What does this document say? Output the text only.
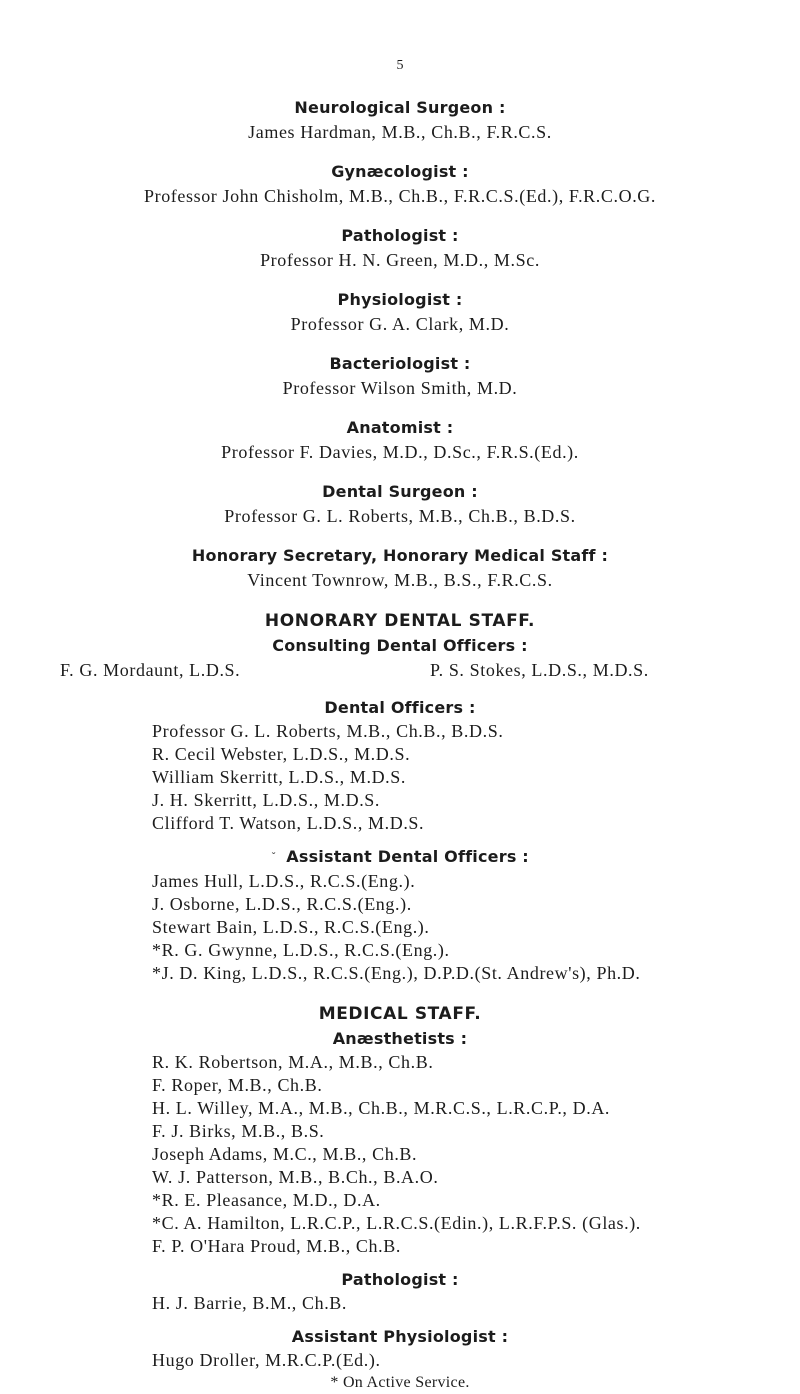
5
Neurological Surgeon :
James Hardman, M.B., Ch.B., F.R.C.S.
Gynæcologist :
Professor John Chisholm, M.B., Ch.B., F.R.C.S.(Ed.), F.R.C.O.G.
Pathologist :
Professor H. N. Green, M.D., M.Sc.
Physiologist :
Professor G. A. Clark, M.D.
Bacteriologist :
Professor Wilson Smith, M.D.
Anatomist :
Professor F. Davies, M.D., D.Sc., F.R.S.(Ed.).
Dental Surgeon :
Professor G. L. Roberts, M.B., Ch.B., B.D.S.
Honorary Secretary, Honorary Medical Staff :
Vincent Townrow, M.B., B.S., F.R.C.S.
HONORARY DENTAL STAFF.
Consulting Dental Officers :
F. G. Mordaunt, L.D.S.	P. S. Stokes, L.D.S., M.D.S.
Dental Officers :
Professor G. L. Roberts, M.B., Ch.B., B.D.S.
R. Cecil Webster, L.D.S., M.D.S.
William Skerritt, L.D.S., M.D.S.
J. H. Skerritt, L.D.S., M.D.S.
Clifford T. Watson, L.D.S., M.D.S.
ˇ Assistant Dental Officers :
James Hull, L.D.S., R.C.S.(Eng.).
J. Osborne, L.D.S., R.C.S.(Eng.).
Stewart Bain, L.D.S., R.C.S.(Eng.).
*R. G. Gwynne, L.D.S., R.C.S.(Eng.).
*J. D. King, L.D.S., R.C.S.(Eng.), D.P.D.(St. Andrew's), Ph.D.
MEDICAL STAFF.
Anæsthetists :
R. K. Robertson, M.A., M.B., Ch.B.
F. Roper, M.B., Ch.B.
H. L. Willey, M.A., M.B., Ch.B., M.R.C.S., L.R.C.P., D.A.
F. J. Birks, M.B., B.S.
Joseph Adams, M.C., M.B., Ch.B.
W. J. Patterson, M.B., B.Ch., B.A.O.
*R. E. Pleasance, M.D., D.A.
*C. A. Hamilton, L.R.C.P., L.R.C.S.(Edin.), L.R.F.P.S. (Glas.).
F. P. O'Hara Proud, M.B., Ch.B.
Pathologist :
H. J. Barrie, B.M., Ch.B.
Assistant Physiologist :
Hugo Droller, M.R.C.P.(Ed.).
* On Active Service.
